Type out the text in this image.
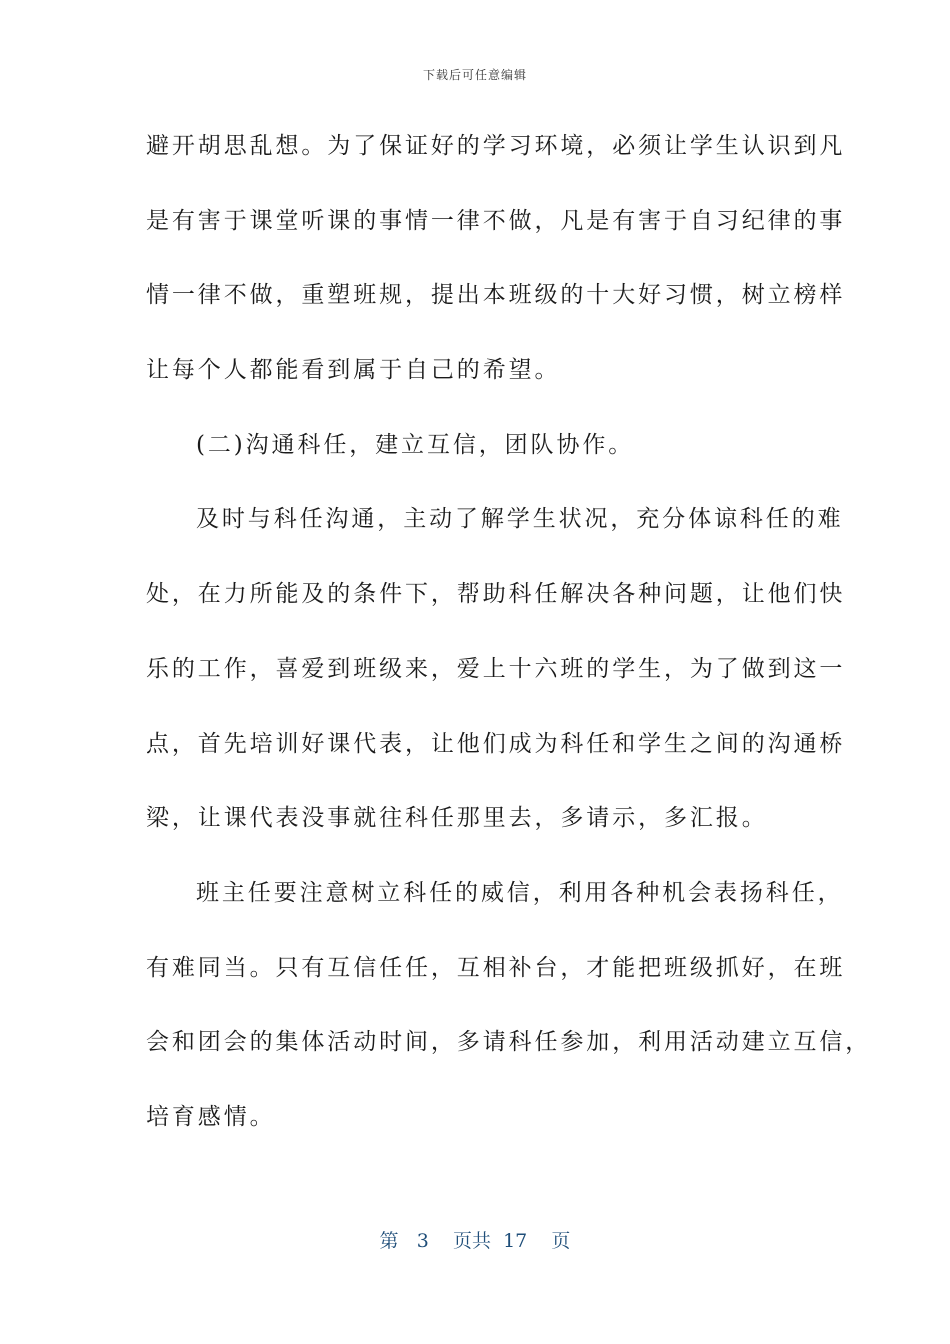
下载后可任意编辑
避开胡思乱想。为了保证好的学习环境，必须让学生认识到凡
是有害于课堂听课的事情一律不做，凡是有害于自习纪律的事
情一律不做，重塑班规，提出本班级的十大好习惯，树立榜样
让每个人都能看到属于自己的希望。
(二)沟通科任，建立互信，团队协作。
及时与科任沟通，主动了解学生状况，充分体谅科任的难
处，在力所能及的条件下，帮助科任解决各种问题，让他们快
乐的工作，喜爱到班级来，爱上十六班的学生，为了做到这一
点，首先培训好课代表，让他们成为科任和学生之间的沟通桥
梁，让课代表没事就往科任那里去，多请示，多汇报。
班主任要注意树立科任的威信，利用各种机会表扬科任，
有难同当。只有互信任任，互相补台，才能把班级抓好，在班
会和团会的集体活动时间，多请科任参加，利用活动建立互信，
培育感情。
第 3 页共 17 页
